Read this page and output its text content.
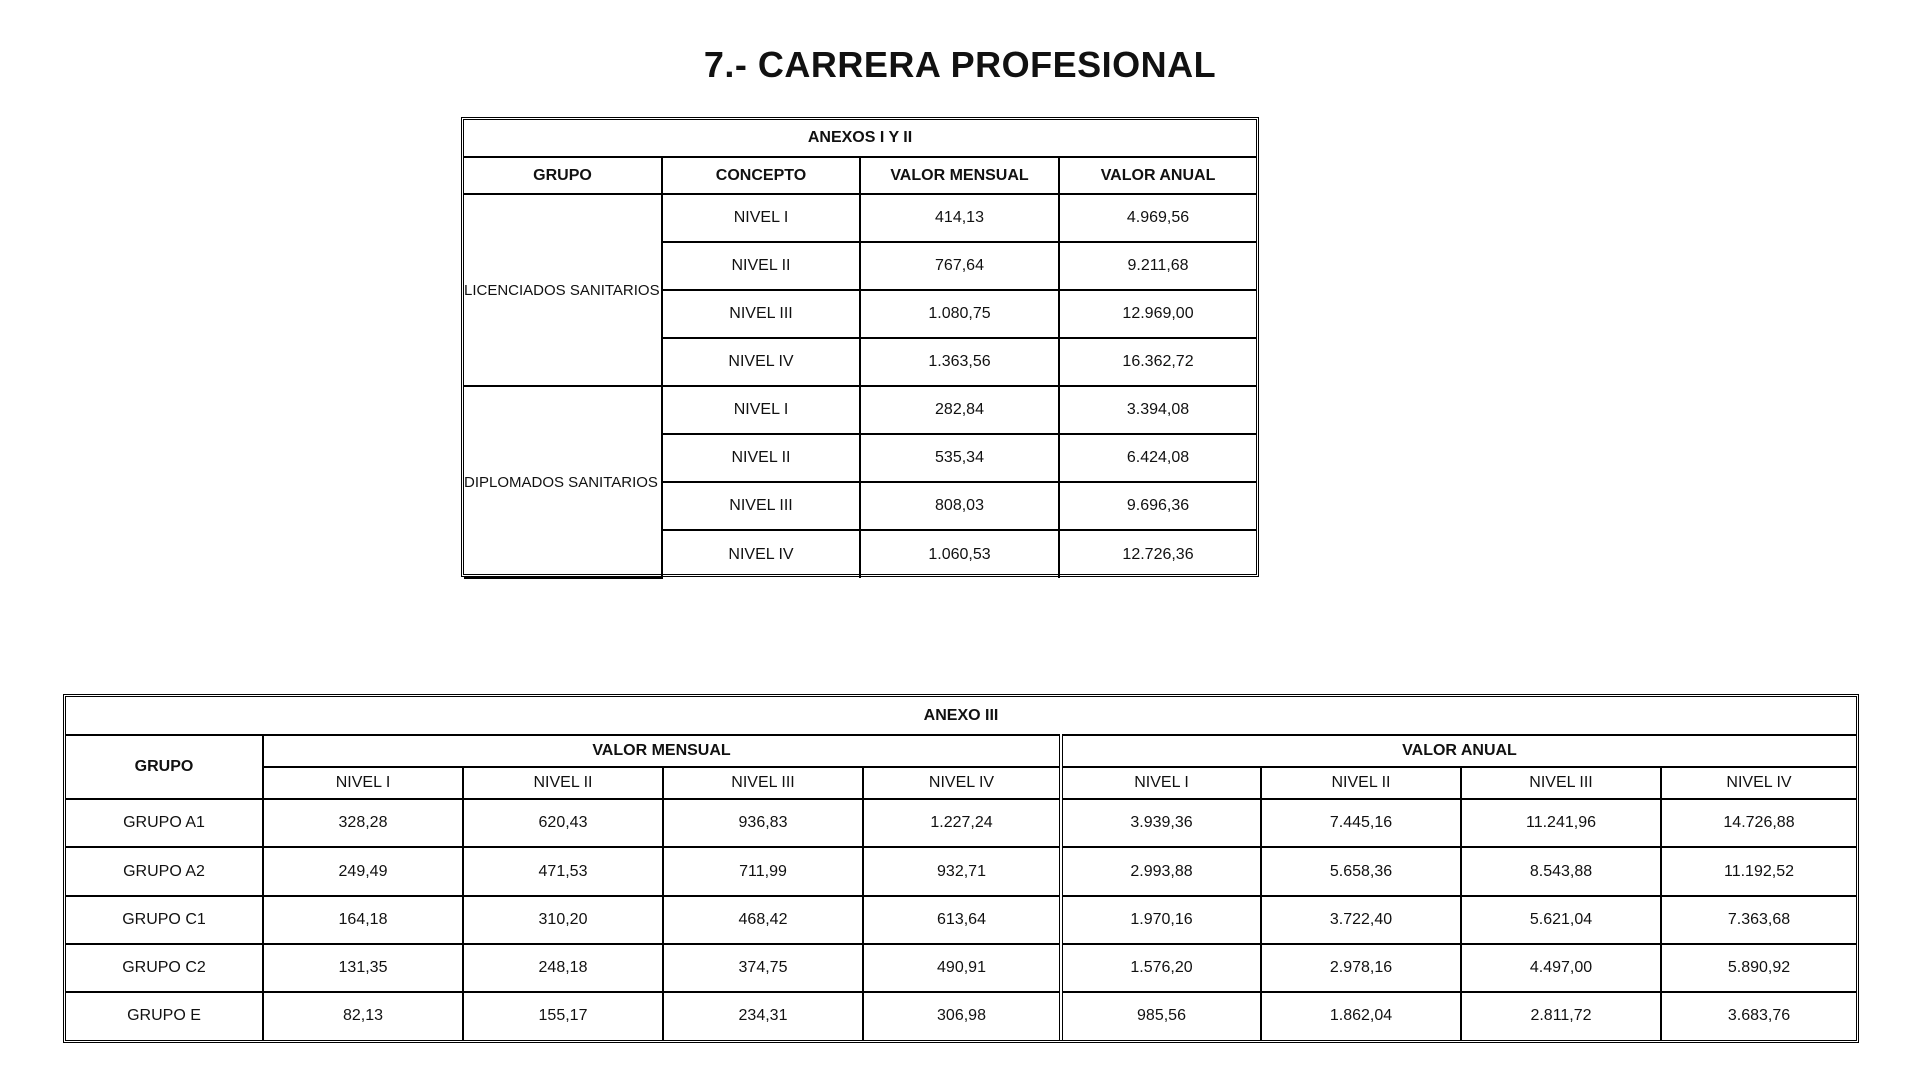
7.- CARRERA PROFESIONAL
ANEXOS I Y II			
GRUPO	CONCEPTO	VALOR MENSUAL	VALOR ANUAL
LICENCIADOS SANITARIOS	NIVEL I	414,13	4.969,56
	NIVEL II	767,64	9.211,68
	NIVEL III	1.080,75	12.969,00
	NIVEL IV	1.363,56	16.362,72
DIPLOMADOS SANITARIOS	NIVEL I	282,84	3.394,08
	NIVEL II	535,34	6.424,08
	NIVEL III	808,03	9.696,36
	NIVEL IV	1.060,53	12.726,36
ANEXO III								
GRUPO	VALOR MENSUAL				VALOR ANUAL			
	NIVEL I	NIVEL II	NIVEL III	NIVEL IV	NIVEL I	NIVEL II	NIVEL III	NIVEL IV
GRUPO A1	328,28	620,43	936,83	1.227,24	3.939,36	7.445,16	11.241,96	14.726,88
GRUPO A2	249,49	471,53	711,99	932,71	2.993,88	5.658,36	8.543,88	11.192,52
GRUPO C1	164,18	310,20	468,42	613,64	1.970,16	3.722,40	5.621,04	7.363,68
GRUPO C2	131,35	248,18	374,75	490,91	1.576,20	2.978,16	4.497,00	5.890,92
GRUPO E	82,13	155,17	234,31	306,98	985,56	1.862,04	2.811,72	3.683,76
